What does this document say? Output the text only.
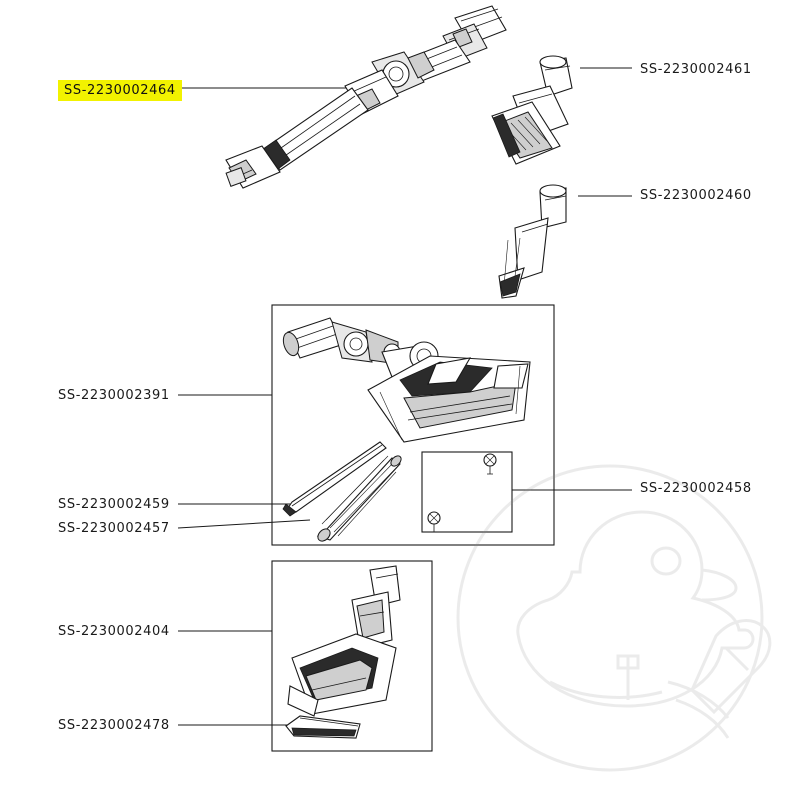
SS-2230002464
SS-2230002461
SS-2230002460
SS-2230002391
SS-2230002459
SS-2230002457
SS-2230002458
SS-2230002404
SS-2230002478
